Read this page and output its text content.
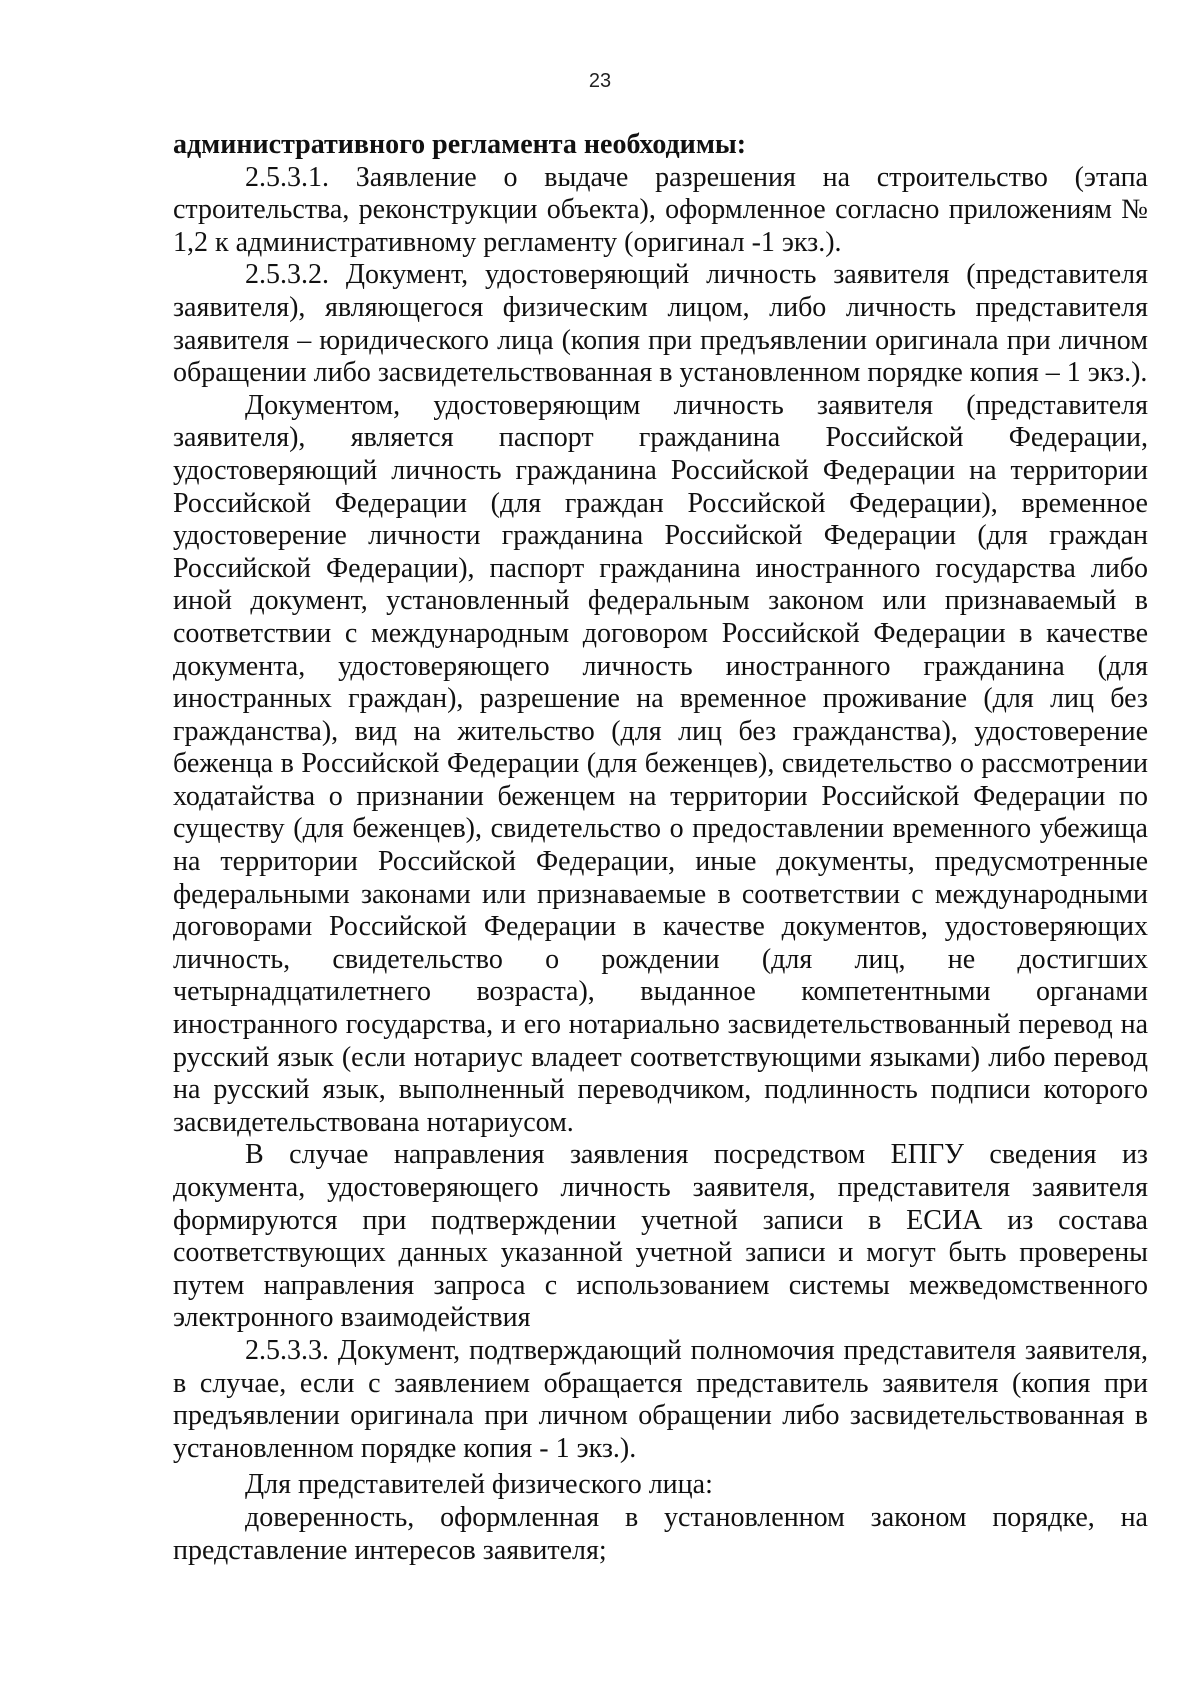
23

административного регламента необходимы:

2.5.3.1. Заявление о выдаче разрешения на строительство (этапа строительства, реконструкции объекта), оформленное согласно приложениям № 1,2 к административному регламенту (оригинал -1 экз.).

2.5.3.2. Документ, удостоверяющий личность заявителя (представителя заявителя), являющегося физическим лицом, либо личность представителя заявителя – юридического лица (копия при предъявлении оригинала при личном обращении либо засвидетельствованная в установленном порядке копия – 1 экз.).

Документом, удостоверяющим личность заявителя (представителя заявителя), является паспорт гражданина Российской Федерации, удостоверяющий личность гражданина Российской Федерации на территории Российской Федерации (для граждан Российской Федерации), временное удостоверение личности гражданина Российской Федерации (для граждан Российской Федерации), паспорт гражданина иностранного государства либо иной документ, установленный федеральным законом или признаваемый в соответствии с международным договором Российской Федерации в качестве документа, удостоверяющего личность иностранного гражданина (для иностранных граждан), разрешение на временное проживание (для лиц без гражданства), вид на жительство (для лиц без гражданства), удостоверение беженца в Российской Федерации (для беженцев), свидетельство о рассмотрении ходатайства о признании беженцем на территории Российской Федерации по существу (для беженцев), свидетельство о предоставлении временного убежища на территории Российской Федерации, иные документы, предусмотренные федеральными законами или признаваемые в соответствии с международными договорами Российской Федерации в качестве документов, удостоверяющих личность, свидетельство о рождении (для лиц, не достигших четырнадцатилетнего возраста), выданное компетентными органами иностранного государства, и его нотариально засвидетельствованный перевод на русский язык (если нотариус владеет соответствующими языками) либо перевод на русский язык, выполненный переводчиком, подлинность подписи которого засвидетельствована нотариусом.

В случае направления заявления посредством ЕПГУ сведения из документа, удостоверяющего личность заявителя, представителя заявителя формируются при подтверждении учетной записи в ЕСИА из состава соответствующих данных указанной учетной записи и могут быть проверены путем направления запроса с использованием системы межведомственного электронного взаимодействия

2.5.3.3. Документ, подтверждающий полномочия представителя заявителя, в случае, если с заявлением обращается представитель заявителя (копия при предъявлении оригинала при личном обращении либо засвидетельствованная в установленном порядке копия - 1 экз.).

Для представителей физического лица:

доверенность, оформленная в установленном законом порядке, на представление интересов заявителя;
